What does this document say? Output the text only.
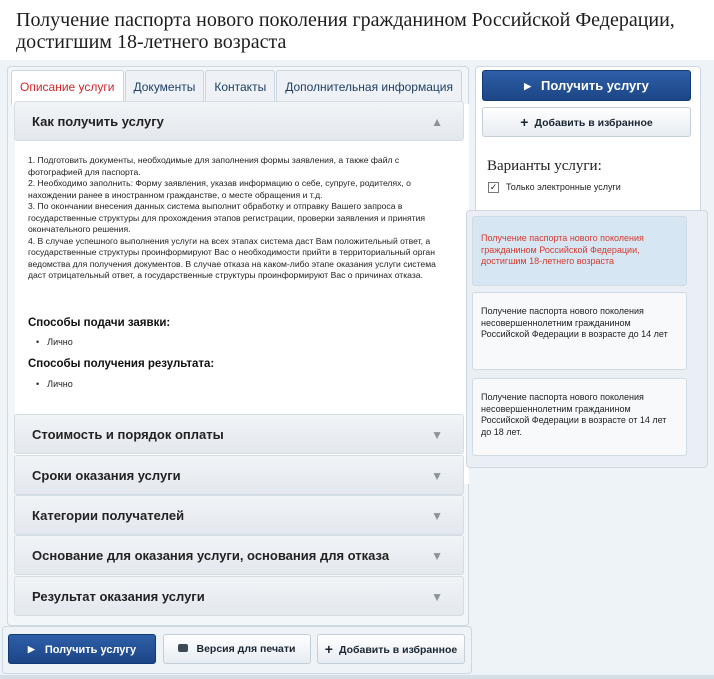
Получение паспорта нового поколения гражданином Российской Федерации, достигшим 18-летнего возраста
Описание услуги	Документы	Контакты	Дополнительная информация
Как получить услугу	▲
1. Подготовить документы, необходимые для заполнения формы заявления, а также файл с фотографией для паспорта.
2. Необходимо заполнить: Форму заявления, указав информацию о себе, супруге, родителях, о нахождении ранее в иностранном гражданстве, о месте обращения и т.д.
3. По окончании внесения данных система выполнит обработку и отправку Вашего запроса в государственные структуры для прохождения этапов регистрации, проверки заявления и принятия окончательного решения.
4. В случае успешного выполнения услуги на всех этапах система даст Вам положительный ответ, а государственные структуры проинформируют Вас о необходимости прийти в территориальный орган ведомства для получения документов. В случае отказа на каком-либо этапе оказания услуги система даст отрицательный ответ, а государственные структуры проинформируют Вас о причинах отказа.
Способы подачи заявки:
• Лично
Способы получения результата:
• Лично
Стоимость и порядок оплаты	▼
Сроки оказания услуги	▼
Категории получателей	▼
Основание для оказания услуги, основания для отказа	▼
Результат оказания услуги	▼
▶ Получить услугу	Версия для печати	+ Добавить в избранное
▶ Получить услугу
+ Добавить в избранное
Варианты услуги:
✓ Только электронные услуги
Получение паспорта нового поколения гражданином Российской Федерации, достигшим 18-летнего возраста
Получение паспорта нового поколения несовершеннолетним гражданином Российской Федерации в возрасте до 14 лет
Получение паспорта нового поколения несовершеннолетним гражданином Российской Федерации в возрасте от 14 лет до 18 лет.
